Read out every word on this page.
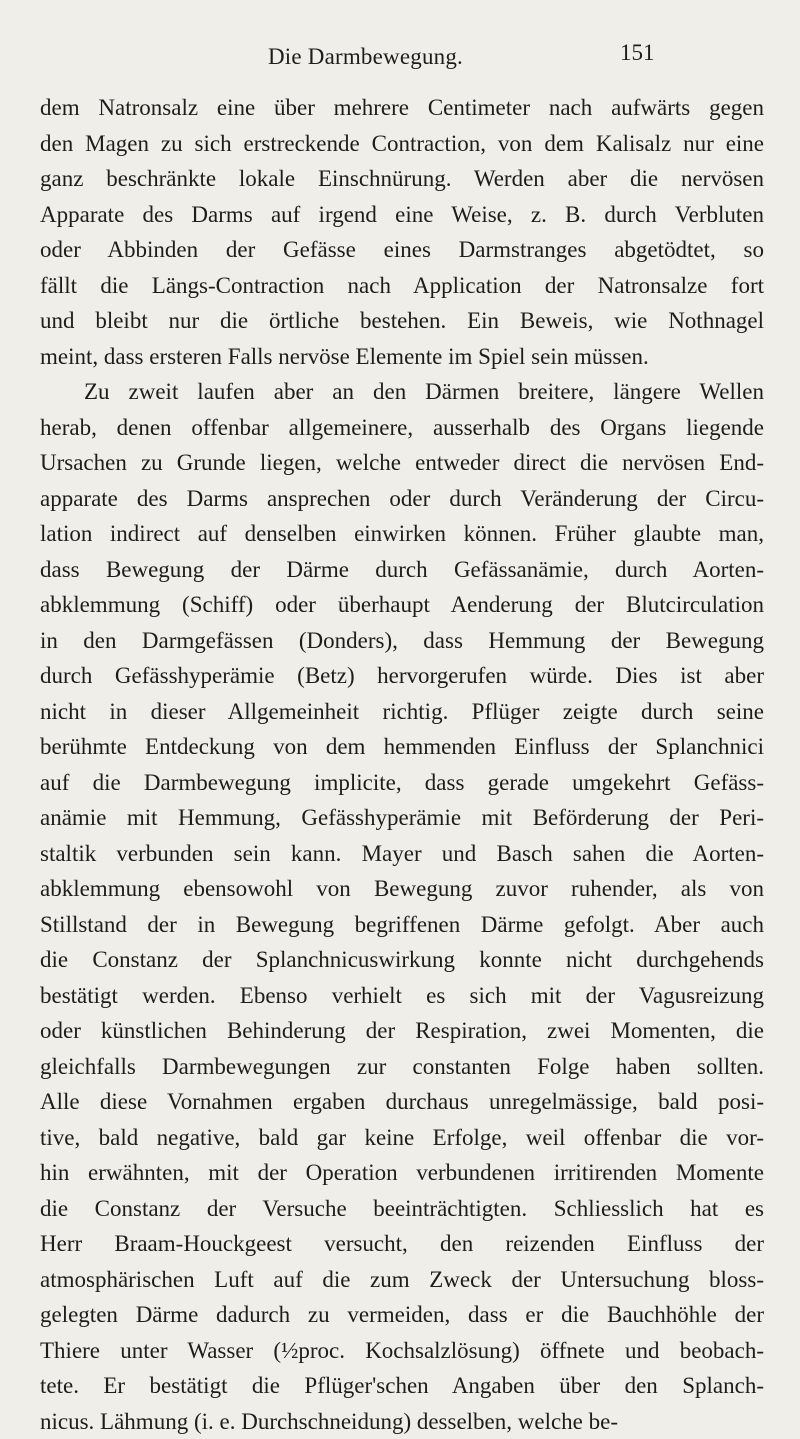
Die Darmbewegung.	151
dem Natronsalz eine über mehrere Centimeter nach aufwärts gegen
den Magen zu sich erstreckende Contraction, von dem Kalisalz nur eine
ganz beschränkte lokale Einschnürung. Werden aber die nervösen
Apparate des Darms auf irgend eine Weise, z. B. durch Verbluten
oder Abbinden der Gefässe eines Darmstranges abgetödtet, so
fällt die Längs-Contraction nach Application der Natronsalze fort
und bleibt nur die örtliche bestehen. Ein Beweis, wie Nothnagel
meint, dass ersteren Falls nervöse Elemente im Spiel sein müssen.
Zu zweit laufen aber an den Därmen breitere, längere Wellen
herab, denen offenbar allgemeinere, ausserhalb des Organs liegende
Ursachen zu Grunde liegen, welche entweder direct die nervösen End-
apparate des Darms ansprechen oder durch Veränderung der Circu-
lation indirect auf denselben einwirken können. Früher glaubte man,
dass Bewegung der Därme durch Gefässanämie, durch Aorten-
abklemmung (Schiff) oder überhaupt Aenderung der Blutcirculation
in den Darmgefässen (Donders), dass Hemmung der Bewegung
durch Gefässhyperämie (Betz) hervorgerufen würde. Dies ist aber
nicht in dieser Allgemeinheit richtig. Pflüger zeigte durch seine
berühmte Entdeckung von dem hemmenden Einfluss der Splanchnici
auf die Darmbewegung implicite, dass gerade umgekehrt Gefäss-
anämie mit Hemmung, Gefässhyperämie mit Beförderung der Peri-
staltik verbunden sein kann. Mayer und Basch sahen die Aorten-
abklemmung ebensowohl von Bewegung zuvor ruhender, als von
Stillstand der in Bewegung begriffenen Därme gefolgt. Aber auch
die Constanz der Splanchnicuswirkung konnte nicht durchgehends
bestätigt werden. Ebenso verhielt es sich mit der Vagusreizung
oder künstlichen Behinderung der Respiration, zwei Momenten, die
gleichfalls Darmbewegungen zur constanten Folge haben sollten.
Alle diese Vornahmen ergaben durchaus unregelmässige, bald posi-
tive, bald negative, bald gar keine Erfolge, weil offenbar die vor-
hin erwähnten, mit der Operation verbundenen irritirenden Momente
die Constanz der Versuche beeinträchtigten. Schliesslich hat es
Herr Braam-Houckgeest versucht, den reizenden Einfluss der
atmosphärischen Luft auf die zum Zweck der Untersuchung bloss-
gelegten Därme dadurch zu vermeiden, dass er die Bauchhöhle der
Thiere unter Wasser (½proc. Kochsalzlösung) öffnete und beobach-
tete. Er bestätigt die Pflüger'schen Angaben über den Splanch-
nicus. Lähmung (i. e. Durchschneidung) desselben, welche be-
